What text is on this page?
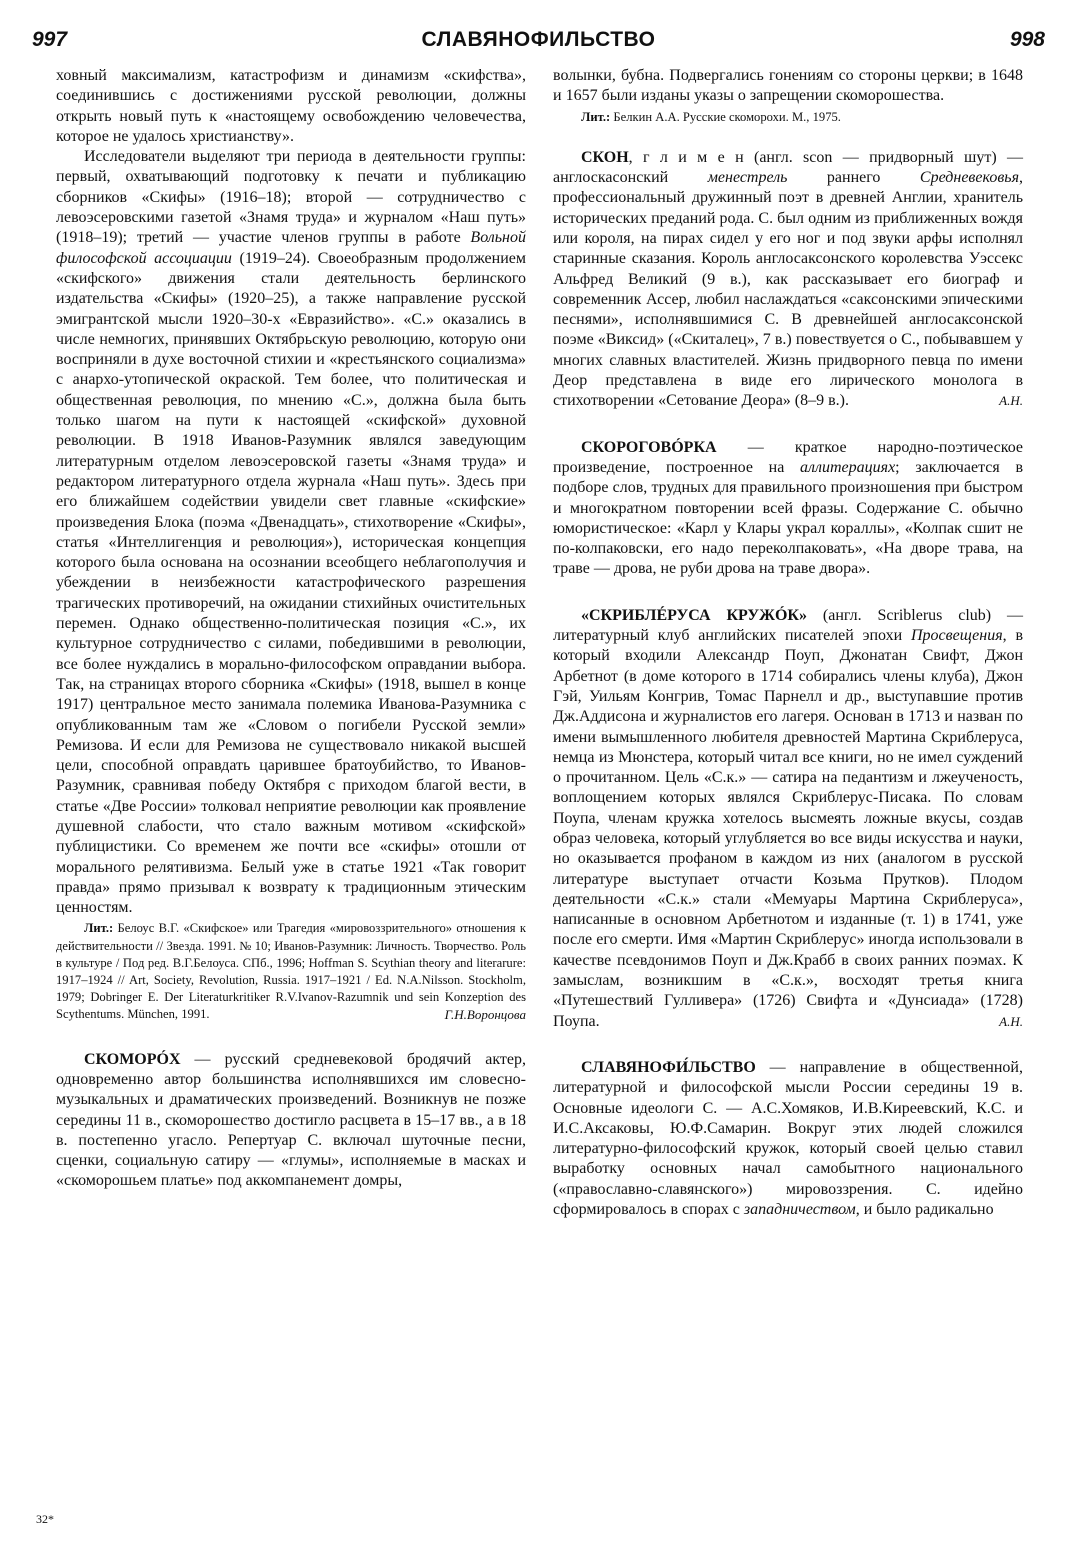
997	СЛАВЯНОФИЛЬСТВО	998

ховный максимализм, катастрофизм и динамизм «скифства», соединившись с достижениями русской революции, должны открыть новый путь к «настоящему освобождению человечества, которое не удалось христианству».

Исследователи выделяют три периода в деятельности группы: первый, охватывающий подготовку к печати и публикацию сборников «Скифы» (1916–18); второй — сотрудничество с левоэсеровскими газетой «Знамя труда» и журналом «Наш путь» (1918–19); третий — участие членов группы в работе Вольной философской ассоциации (1919–24). Своеобразным продолжением «скифского» движения стали деятельность берлинского издательства «Скифы» (1920–25), а также направление русской эмигрантской мысли 1920–30-х «Евразийство». «С.» оказались в числе немногих, принявших Октябрьскую революцию, которую они восприняли в духе восточной стихии и «крестьянского социализма» с анархо-утопической окраской. Тем более, что политическая и общественная революция, по мнению «С.», должна была быть только шагом на пути к настоящей «скифской» духовной революции. В 1918 Иванов-Разумник являлся заведующим литературным отделом левоэсеровской газеты «Знамя труда» и редактором литературного отдела журнала «Наш путь». Здесь при его ближайшем содействии увидели свет главные «скифские» произведения Блока (поэма «Двенадцать», стихотворение «Скифы», статья «Интеллигенция и революция»), историческая концепция которого была основана на осознании всеобщего неблагополучия и убеждении в неизбежности катастрофического разрешения трагических противоречий, на ожидании стихийных очистительных перемен. Однако общественно-политическая позиция «С.», их культурное сотрудничество с силами, победившими в революции, все более нуждались в морально-философском оправдании выбора. Так, на страницах второго сборника «Скифы» (1918, вышел в конце 1917) центральное место занимала полемика Иванова-Разумника с опубликованным там же «Словом о погибели Русской земли» Ремизова. И если для Ремизова не существовало никакой высшей цели, способной оправдать царившее братоубийство, то Иванов-Разумник, сравнивая победу Октября с приходом благой вести, в статье «Две России» толковал неприятие революции как проявление душевной слабости, что стало важным мотивом «скифской» публицистики. Со временем же почти все «скифы» отошли от морального релятивизма. Белый уже в статье 1921 «Так говорит правда» прямо призывал к возврату к традиционным этическим ценностям.

Лит.: Белоус В.Г. «Скифское» или Трагедия «мировоззрительного» отношения к действительности // Звезда. 1991. № 10; Иванов-Разумник: Личность. Творчество. Роль в культуре / Под ред. В.Г.Белоуса. СПб., 1996; Hoffman S. Scythian theory and literarure: 1917–1924 // Art, Society, Revolution, Russia. 1917–1921 / Ed. N.A.Nilsson. Stockholm, 1979; Dobringer E. Der Literaturkritiker R.V.Ivanov-Razumnik und sein Konzeption des Scythentums. München, 1991.	Г.Н.Воронцова

СКОМОРÓХ — русский средневековой бродячий актер, одновременно автор большинства исполнявшихся им словесно-музыкальных и драматических произведений. Возникнув не позже середины 11 в., скоморошество достигло расцвета в 15–17 вв., а в 18 в. постепенно угасло. Репертуар С. включал шуточные песни, сценки, социальную сатиру — «глумы», исполняемые в масках и «скоморошьем платье» под аккомпанемент домры,

волынки, бубна. Подвергались гонениям со стороны церкви; в 1648 и 1657 были изданы указы о запрещении скоморошества.

Лит.: Белкин А.А. Русские скоморохи. М., 1975.

СКОН, г л и м е н (англ. scon — придворный шут) — англоскасонский менестрель раннего Средневековья, профессиональный дружинный поэт в древней Англии, хранитель исторических преданий рода. С. был одним из приближенных вождя или короля, на пирах сидел у его ног и под звуки арфы исполнял старинные сказания. Король англосаксонского королевства Уэссекс Альфред Великий (9 в.), как рассказывает его биограф и современник Ассер, любил наслаждаться «саксонскими эпическими песнями», исполнявшимися С. В древнейшей англосаксонской поэме «Виксид» («Скиталец», 7 в.) повествуется о С., побывавшем у многих славных властителей. Жизнь придворного певца по имени Деор представлена в виде его лирического монолога в стихотворении «Сетование Деора» (8–9 в.).	А.Н.

СКОРОГОВÓРКА — краткое народно-поэтическое произведение, построенное на аллитерациях; заключается в подборе слов, трудных для правильного произношения при быстром и многократном повторении всей фразы. Содержание С. обычно юмористическое: «Карл у Клары украл кораллы», «Колпак сшит не по-колпаковски, его надо переколпаковать», «На дворе трава, на траве — дрова, не руби дрова на траве двора».

«СКРИБЛÉРУСА КРУЖÓК» (англ. Scriblerus club) — литературный клуб английских писателей эпохи Просвещения, в который входили Александр Поуп, Джонатан Свифт, Джон Арбетнот (в доме которого в 1714 собирались члены клуба), Джон Гэй, Уильям Конгрив, Томас Парнелл и др., выступавшие против Дж.Аддисона и журналистов его лагеря. Основан в 1713 и назван по имени вымышленного любителя древностей Мартина Скриблеруса, немца из Мюнстера, который читал все книги, но не имел суждений о прочитанном. Цель «С.к.» — сатира на педантизм и лжеученость, воплощением которых являлся Скриблерус-Писака. По словам Поупа, членам кружка хотелось высмеять ложные вкусы, создав образ человека, который углубляется во все виды искусства и науки, но оказывается профаном в каждом из них (аналогом в русской литературе выступает отчасти Козьма Прутков). Плодом деятельности «С.к.» стали «Мемуары Мартина Скриблеруса», написанные в основном Арбетнотом и изданные (т. 1) в 1741, уже после его смерти. Имя «Мартин Скриблерус» иногда использовали в качестве псевдонимов Поуп и Дж.Крабб в своих ранних поэмах. К замыслам, возникшим в «С.к.», восходят третья книга «Путешествий Гулливера» (1726) Свифта и «Дунсиада» (1728) Поупа.	А.Н.

СЛАВЯНОФИ́ЛЬСТВО — направление в общественной, литературной и философской мысли России середины 19 в. Основные идеологи С. — А.С.Хомяков, И.В.Киреевский, К.С. и И.С.Аксаковы, Ю.Ф.Самарин. Вокруг этих людей сложился литературно-философский кружок, который своей целью ставил выработку основных начал самобытного национального («православно-славянского») мировоззрения. С. идейно сформировалось в спорах с западничеством, и было радикально

32*
